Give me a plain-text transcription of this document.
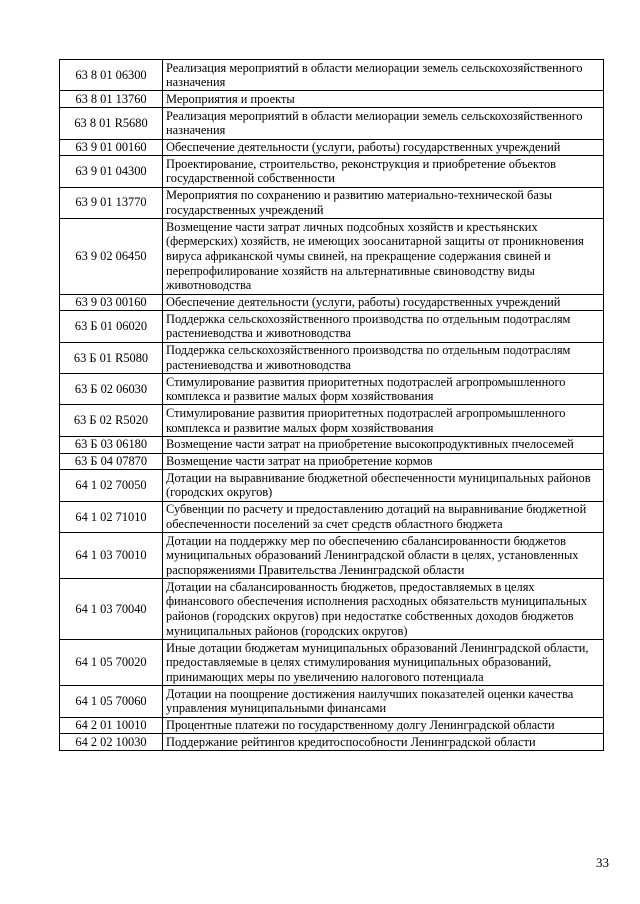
63 8 01 06300	Реализация мероприятий в области мелиорации земель сельскохозяйственного назначения
63 8 01 13760	Мероприятия и проекты
63 8 01 R5680	Реализация мероприятий в области мелиорации земель сельскохозяйственного назначения
63 9 01 00160	Обеспечение деятельности (услуги, работы) государственных учреждений
63 9 01 04300	Проектирование, строительство, реконструкция и приобретение объектов государственной собственности
63 9 01 13770	Мероприятия по сохранению и развитию материально-технической базы государственных учреждений
63 9 02 06450	Возмещение части затрат личных подсобных хозяйств и крестьянских (фермерских) хозяйств, не имеющих зоосанитарной защиты от проникновения вируса африканской чумы свиней, на прекращение содержания свиней и перепрофилирование хозяйств на альтернативные свиноводству виды животноводства
63 9 03 00160	Обеспечение деятельности (услуги, работы) государственных учреждений
63 Б 01 06020	Поддержка сельскохозяйственного производства по отдельным подотраслям растениеводства и животноводства
63 Б 01 R5080	Поддержка сельскохозяйственного производства по отдельным подотраслям растениеводства и животноводства
63 Б 02 06030	Стимулирование развития приоритетных подотраслей агропромышленного комплекса и развитие малых форм хозяйствования
63 Б 02 R5020	Стимулирование развития приоритетных подотраслей агропромышленного комплекса и развитие малых форм хозяйствования
63 Б 03 06180	Возмещение части затрат на приобретение высокопродуктивных пчелосемей
63 Б 04 07870	Возмещение части затрат на приобретение кормов
64 1 02 70050	Дотации на выравнивание бюджетной обеспеченности муниципальных районов (городских округов)
64 1 02 71010	Субвенции по расчету и предоставлению дотаций на выравнивание бюджетной обеспеченности поселений за счет средств областного бюджета
64 1 03 70010	Дотации на поддержку мер по обеспечению сбалансированности бюджетов муниципальных образований Ленинградской области в целях, установленных распоряжениями Правительства Ленинградской области
64 1 03 70040	Дотации на сбалансированность бюджетов, предоставляемых в целях финансового обеспечения исполнения расходных обязательств муниципальных районов (городских округов) при недостатке собственных доходов бюджетов муниципальных районов (городских округов)
64 1 05 70020	Иные дотации бюджетам муниципальных образований Ленинградской области, предоставляемые в целях стимулирования муниципальных образований, принимающих меры по увеличению налогового потенциала
64 1 05 70060	Дотации на поощрение достижения наилучших показателей оценки качества управления муниципальными финансами
64 2 01 10010	Процентные платежи по государственному долгу Ленинградской области
64 2 02 10030	Поддержание рейтингов кредитоспособности Ленинградской области
33
